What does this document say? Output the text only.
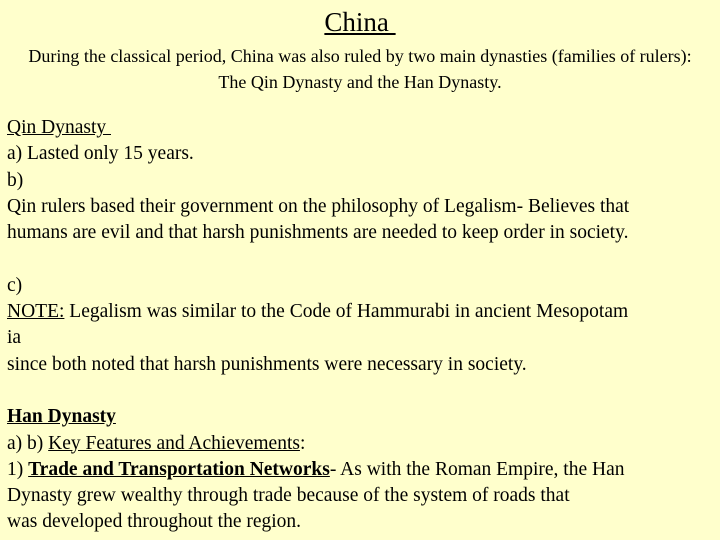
China
During the classical period, China was also ruled by two main dynasties (families of rulers): The Qin Dynasty and the Han Dynasty.
Qin Dynasty
a) Lasted only 15 years.
b)
Qin rulers based their government on the philosophy of Legalism- Believes that
humans are evil and that harsh punishments are needed to keep order in society.
c)
NOTE: Legalism was similar to the Code of Hammurabi in ancient Mesopotam
ia
since both noted that harsh punishments were necessary in society.
Han Dynasty
a) b) Key Features and Achievements:
1) Trade and Transportation Networks- As with the Roman Empire, the Han
Dynasty grew wealthy through trade because of the system of roads that
was developed throughout the region.
